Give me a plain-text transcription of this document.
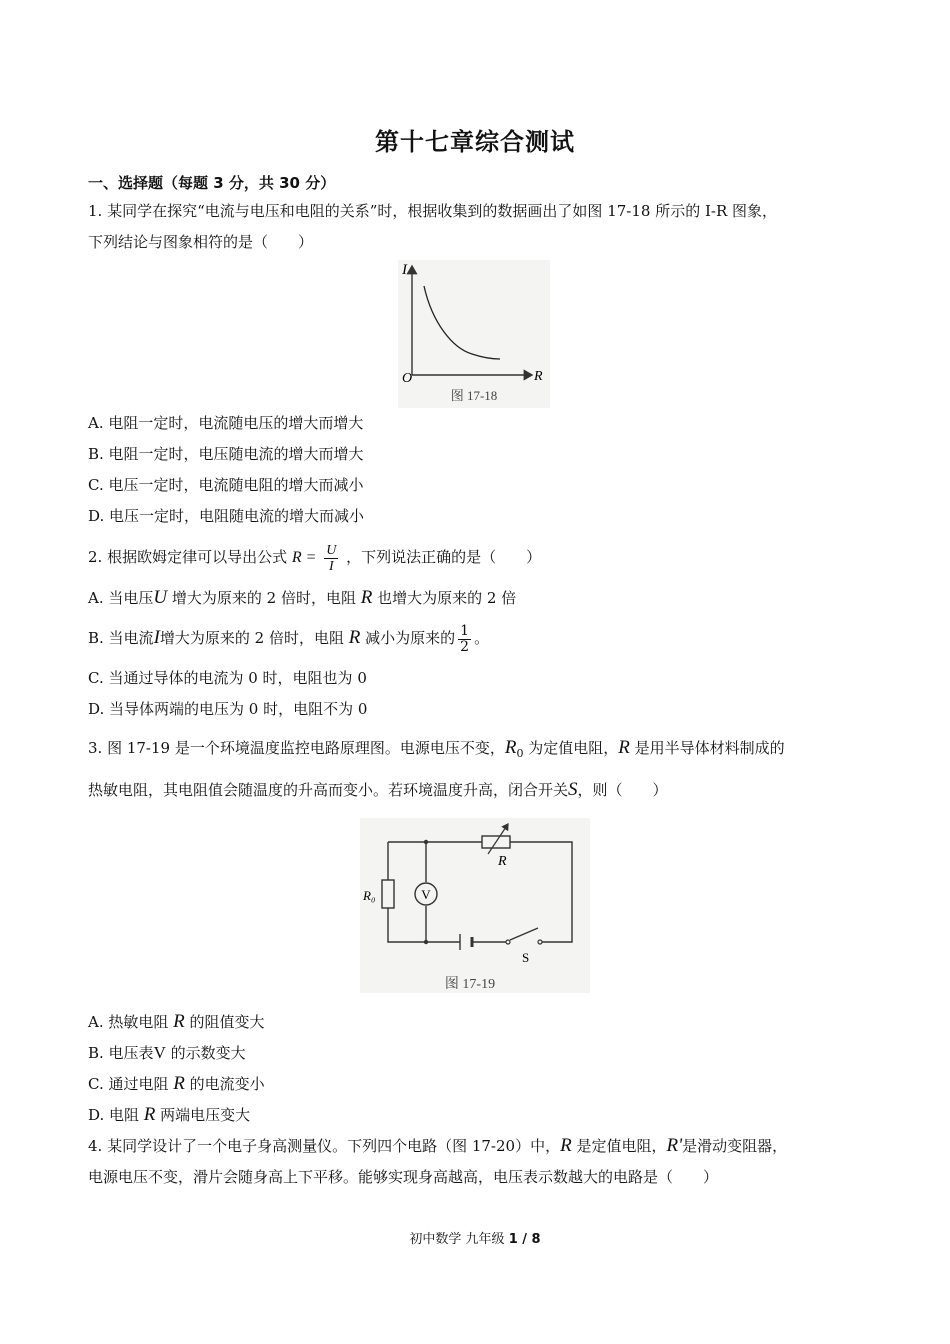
第十七章综合测试
一、选择题（每题 3 分，共 30 分）
1. 某同学在探究“电流与电压和电阻的关系”时，根据收集到的数据画出了如图 17-18 所示的 I-R 图象，
下列结论与图象相符的是（　　）
I
R
O
图 17-18
A. 电阻一定时，电流随电压的增大而增大
B. 电阻一定时，电压随电流的增大而增大
C. 电压一定时，电流随电阻的增大而减小
D. 电压一定时，电阻随电流的增大而减小
2. 根据欧姆定律可以导出公式 $R = \frac{U}{I}$ ，下列说法正确的是（　　）
A. 当电压U 增大为原来的 2 倍时，电阻 R 也增大为原来的 2 倍
B. 当电流I增大为原来的 2 倍时，电阻 R 减小为原来的 $\frac{1}{2}$ 。
C. 当通过导体的电流为 0 时，电阻也为 0
D. 当导体两端的电压为 0 时，电阻不为 0
3. 图 17-19 是一个环境温度监控电路原理图。电源电压不变，$R_0$ 为定值电阻，R 是用半导体材料制成的
热敏电阻，其电阻值会随温度的升高而变小。若环境温度升高，闭合开关S，则（　　）
R
R₀	V
S
图 17-19
A. 热敏电阻 R 的阻值变大
B. 电压表V 的示数变大
C. 通过电阻 R 的电流变小
D. 电阻 R 两端电压变大
4. 某同学设计了一个电子身高测量仪。下列四个电路（图 17-20）中，R 是定值电阻，R'是滑动变阻器，
电源电压不变，滑片会随身高上下平移。能够实现身高越高，电压表示数越大的电路是（　　）
初中数学 九年级 1 / 8
